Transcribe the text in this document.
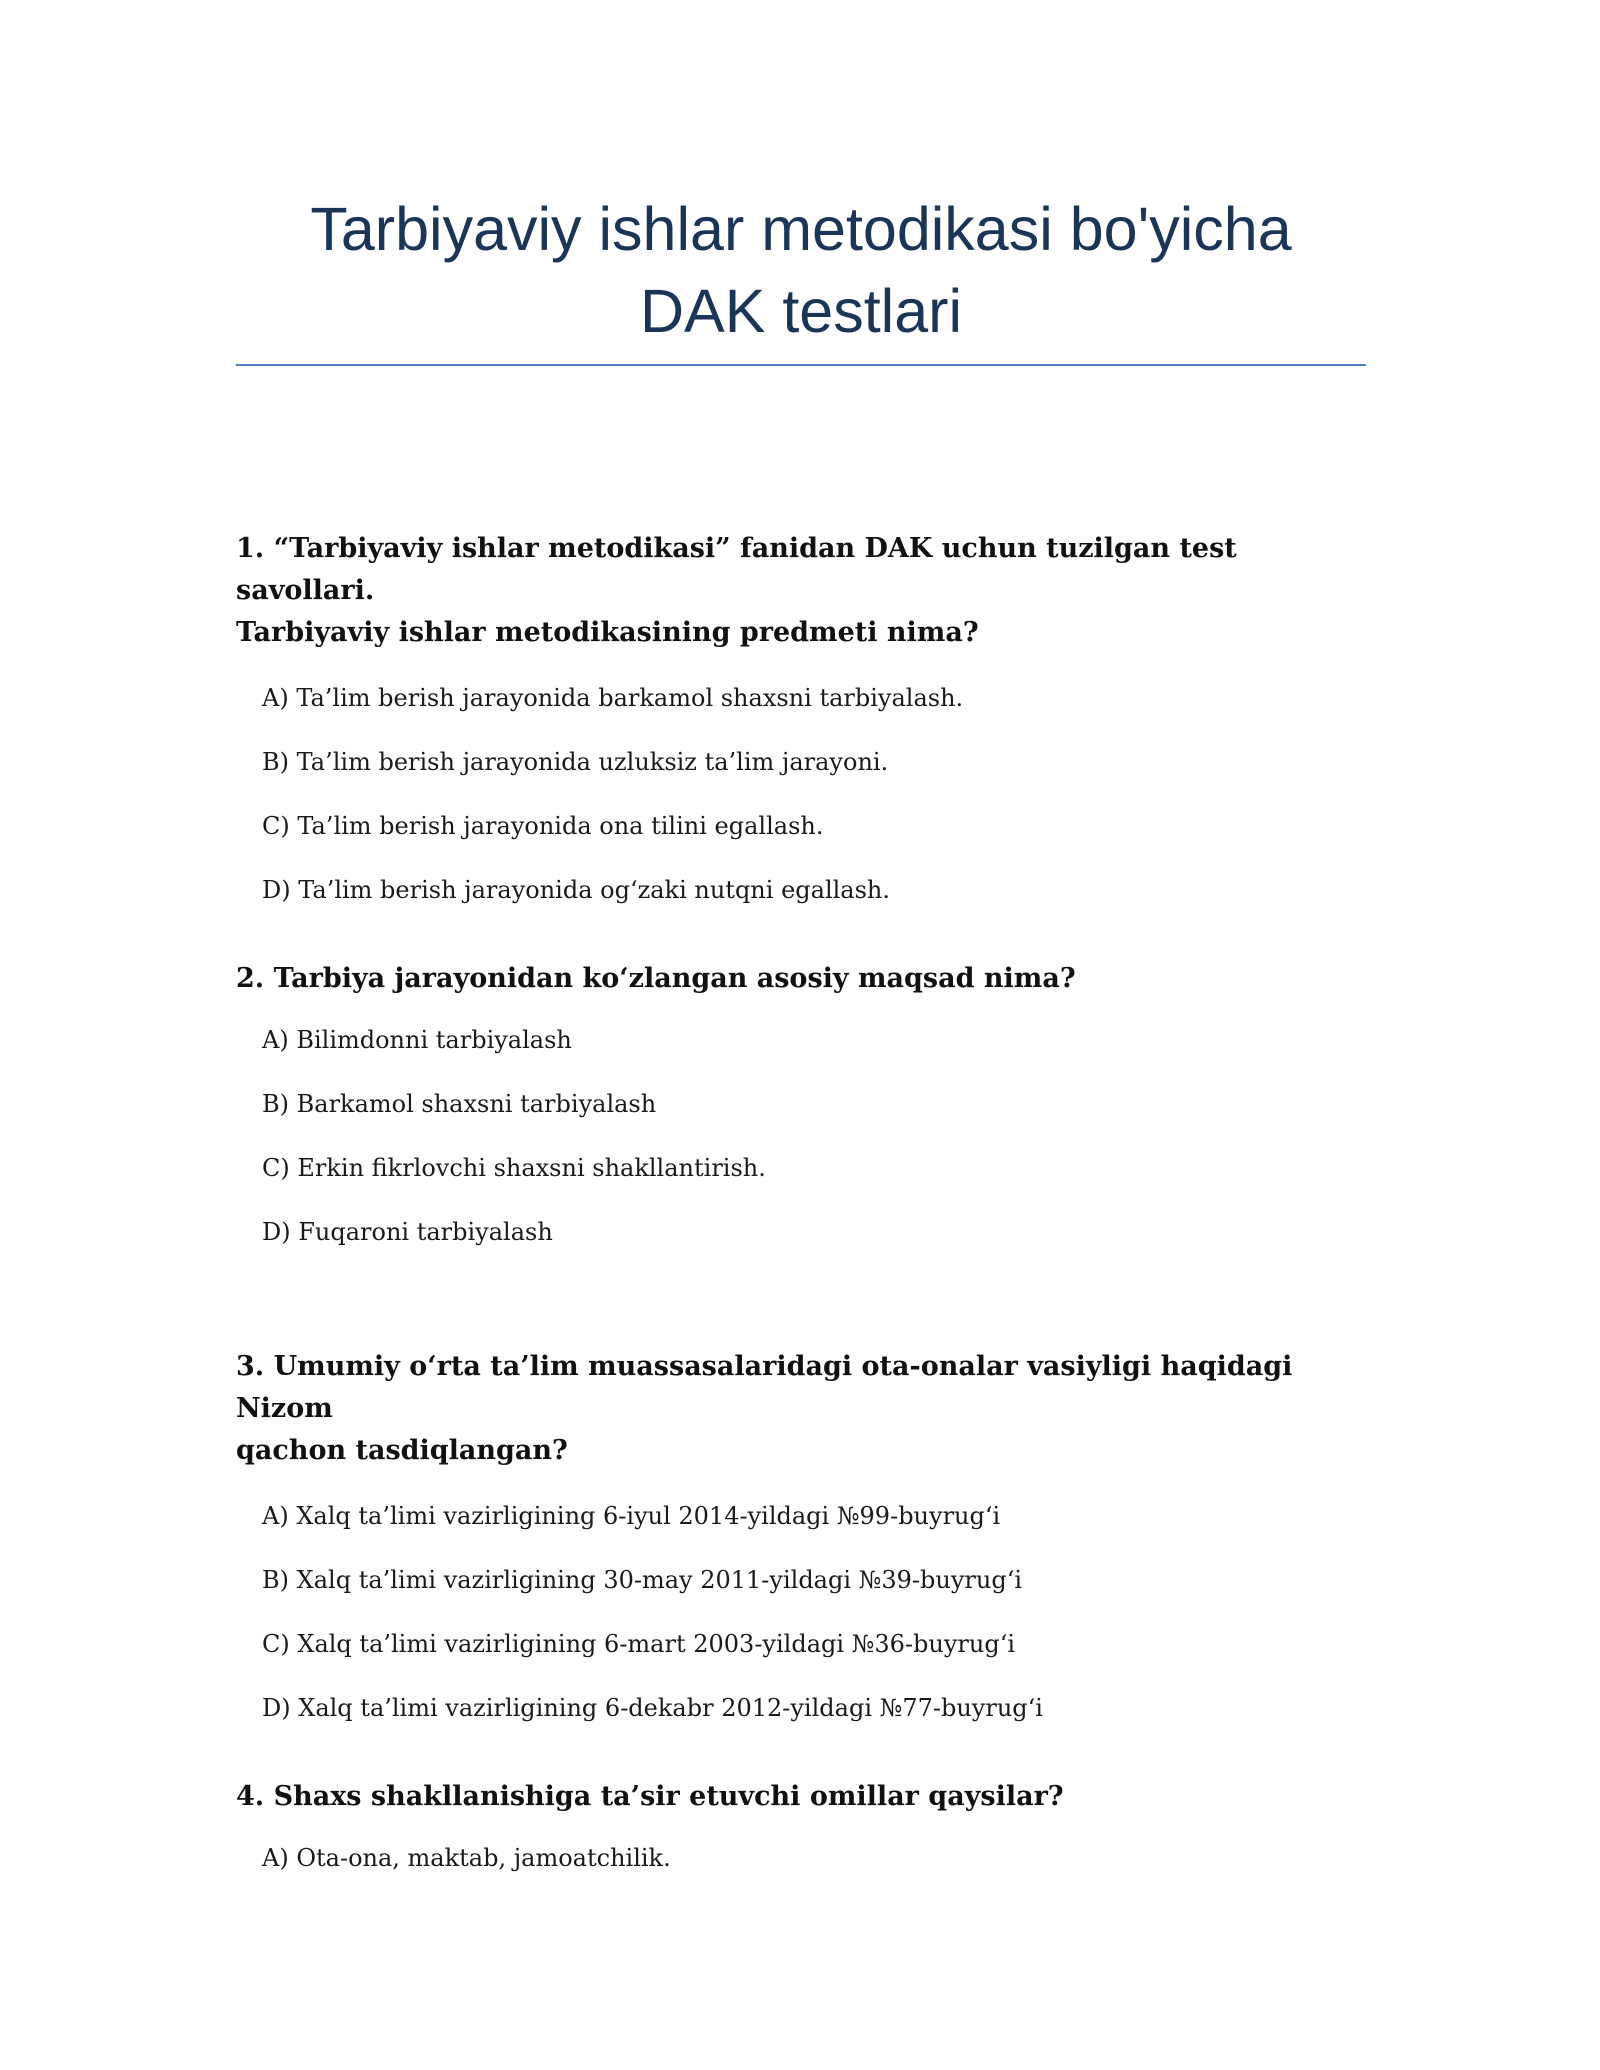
Tarbiyaviy ishlar metodikasi bo'yicha
DAK testlari

1. “Tarbiyaviy ishlar metodikasi” fanidan DAK uchun tuzilgan test savollari.
Tarbiyaviy ishlar metodikasining predmeti nima?

A) Ta’lim berish jarayonida barkamol shaxsni tarbiyalash.
B) Ta’lim berish jarayonida uzluksiz ta’lim jarayoni.
C) Ta’lim berish jarayonida ona tilini egallash.
D) Ta’lim berish jarayonida og‘zaki nutqni egallash.

2. Tarbiya jarayonidan ko‘zlangan asosiy maqsad nima?

A) Bilimdonni tarbiyalash
B) Barkamol shaxsni tarbiyalash
C) Erkin fikrlovchi shaxsni shakllantirish.
D) Fuqaroni tarbiyalash

3. Umumiy o‘rta ta’lim muassasalaridagi ota-onalar vasiyligi haqidagi Nizom
qachon tasdiqlangan?

A) Xalq ta’limi vazirligining 6-iyul 2014-yildagi №99-buyrug‘i
B) Xalq ta’limi vazirligining 30-may 2011-yildagi №39-buyrug‘i
C) Xalq ta’limi vazirligining 6-mart 2003-yildagi №36-buyrug‘i
D) Xalq ta’limi vazirligining 6-dekabr 2012-yildagi №77-buyrug‘i

4. Shaxs shakllanishiga ta’sir etuvchi omillar qaysilar?

A) Ota-ona, maktab, jamoatchilik.
